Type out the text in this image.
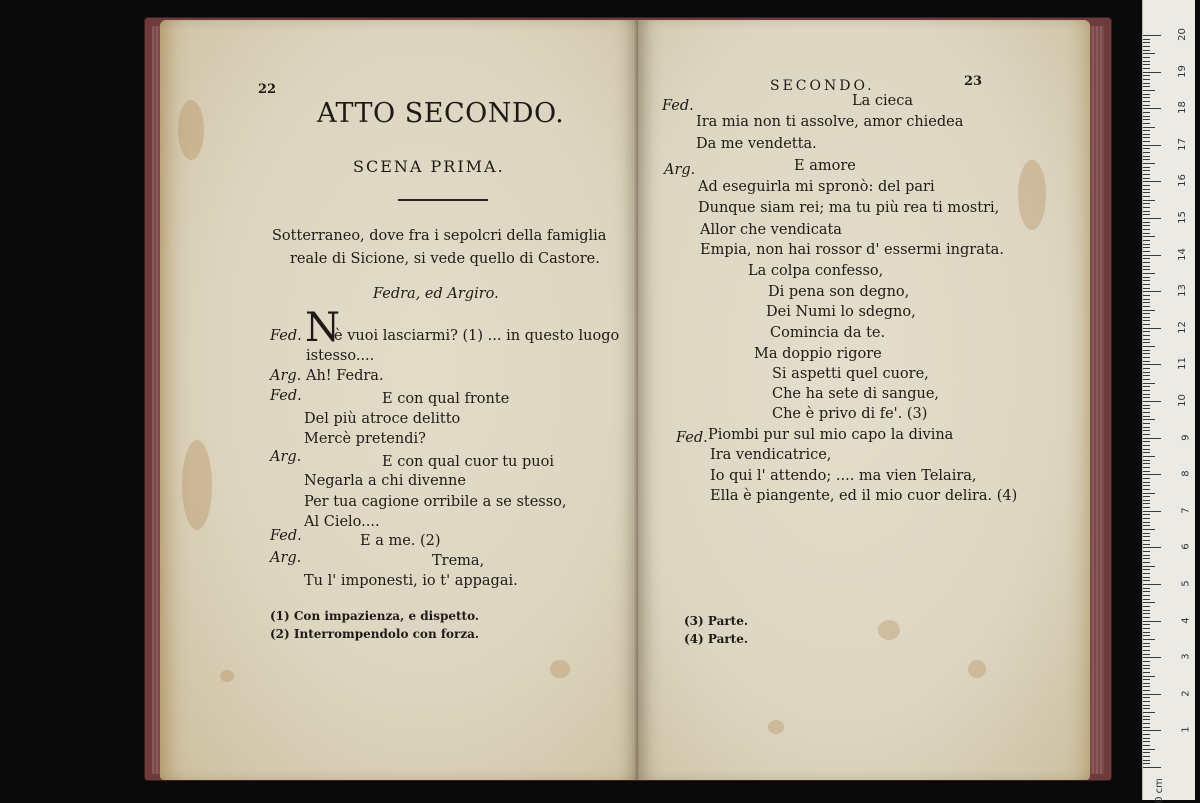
22
ATTO SECONDO.
SCENA PRIMA.
Sotterraneo, dove fra i sepolcri della famiglia
reale di Sicione, si vede quello di Castore.
Fedra, ed Argiro.
Fed. N
è vuoi lasciarmi? (1) ... in questo luogo
istesso....
Arg. Ah! Fedra.
Fed.	E con qual fronte
Del più atroce delitto
Mercè pretendi?
Arg.	E con qual cuor tu puoi
Negarla a chi divenne
Per tua cagione orribile a se stesso,
Al Cielo....
Fed.	E a me. (2)
Arg.	Trema,
Tu l' imponesti, io t' appagai.
(1) Con impazienza, e dispetto.
(2) Interrompendolo con forza.
SECONDO.	23
Fed.	La cieca
Ira mia non ti assolve, amor chiedea
Da me vendetta.
Arg.	E amore
Ad eseguirla mi spronò: del pari
Dunque siam rei; ma tu più rea ti mostri,
Allor che vendicata
Empia, non hai rossor d' essermi ingrata.
La colpa confesso,
Di pena son degno,
Dei Numi lo sdegno,
Comincia da te.
Ma doppio rigore
Si aspetti quel cuore,
Che ha sete di sangue,
Che è privo di fe'. (3)
Fed. Piombi pur sul mio capo la divina
Ira vendicatrice,
Io qui l' attendo; .... ma vien Telaira,
Ella è piangente, ed il mio cuor delira. (4)
(3) Parte.
(4) Parte.
0 cm
20
19
18
17
16
15
14
13
12
11
10
9
8
7
6
5
4
3
2
1
